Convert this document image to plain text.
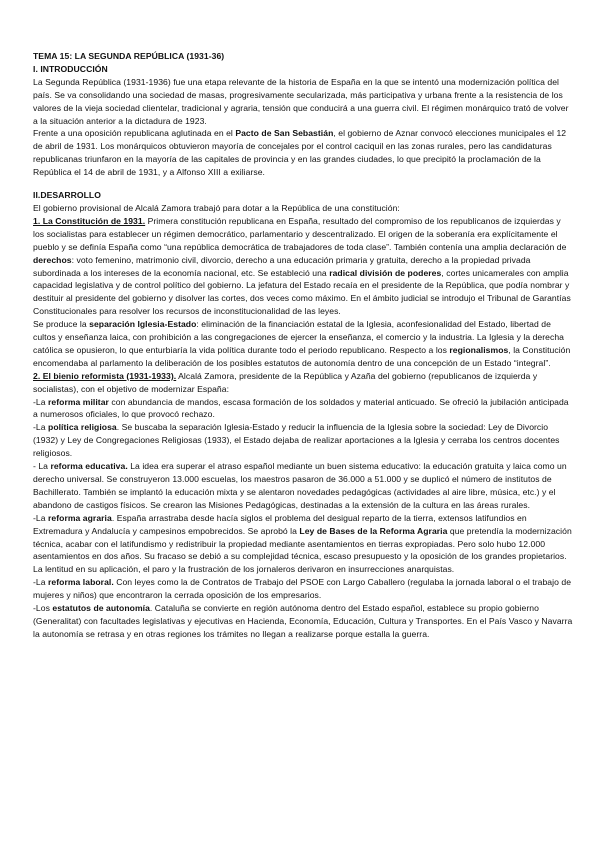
TEMA 15: LA SEGUNDA REPÚBLICA (1931-36)
I. INTRODUCCIÓN

La Segunda República (1931-1936) fue una etapa relevante de la historia de España en la que se intentó una modernización política del país. Se va consolidando una sociedad de masas, progresivamente secularizada, más participativa y urbana frente a la resistencia de los valores de la vieja sociedad clientelar, tradicional y agraria, tensión que conducirá a una guerra civil. El régimen monárquico trató de volver a la situación anterior a la dictadura de 1923.

Frente a una oposición republicana aglutinada en el Pacto de San Sebastián, el gobierno de Aznar convocó elecciones municipales el 12 de abril de 1931. Los monárquicos obtuvieron mayoría de concejales por el control caciquil en las zonas rurales, pero las candidaturas republicanas triunfaron en la mayoría de las capitales de provincia y en las grandes ciudades, lo que precipitó la proclamación de la República el 14 de abril de 1931, y a Alfonso XIII a exiliarse.

II.DESARROLLO

El gobierno provisional de Alcalá Zamora trabajó para dotar a la República de una constitución:

1. La Constitución de 1931. Primera constitución republicana en España, resultado del compromiso de los republicanos de izquierdas y los socialistas para establecer un régimen democrático, parlamentario y descentralizado. El origen de la soberanía era explícitamente el pueblo y se definía España como “una república democrática de trabajadores de toda clase”. También contenía una amplia declaración de derechos: voto femenino, matrimonio civil, divorcio, derecho a una educación primaria y gratuita, derecho a la propiedad privada subordinada a los intereses de la economía nacional, etc. Se estableció una radical división de poderes, cortes unicamerales con amplia capacidad legislativa y de control político del gobierno. La jefatura del Estado recaía en el presidente de la República, que podía nombrar y destituir al presidente del gobierno y disolver las cortes, dos veces como máximo. En el ámbito judicial se introdujo el Tribunal de Garantías Constitucionales para resolver los recursos de inconstitucionalidad de las leyes.

Se produce la separación Iglesia-Estado: eliminación de la financiación estatal de la Iglesia, aconfesionalidad del Estado, libertad de cultos y enseñanza laica, con prohibición a las congregaciones de ejercer la enseñanza, el comercio y la industria. La Iglesia y la derecha católica se opusieron, lo que enturbiaría la vida política durante todo el periodo republicano. Respecto a los regionalismos, la Constitución encomendaba al parlamento la deliberación de los posibles estatutos de autonomía dentro de una concepción de un Estado “integral”.

2. El bienio reformista (1931-1933). Alcalá Zamora, presidente de la República y Azaña del gobierno (republicanos de izquierda y socialistas), con el objetivo de modernizar España:

-La reforma militar con abundancia de mandos, escasa formación de los soldados y material anticuado. Se ofreció la jubilación anticipada a numerosos oficiales, lo que provocó rechazo.

-La política religiosa. Se buscaba la separación Iglesia-Estado y reducir la influencia de la Iglesia sobre la sociedad: Ley de Divorcio (1932) y Ley de Congregaciones Religiosas (1933), el Estado dejaba de realizar aportaciones a la Iglesia y cerraba los centros docentes religiosos.

- La reforma educativa. La idea era superar el atraso español mediante un buen sistema educativo: la educación gratuita y laica como un derecho universal. Se construyeron 13.000 escuelas, los maestros pasaron de 36.000 a 51.000 y se duplicó el número de institutos de Bachillerato. También se implantó la educación mixta y se alentaron novedades pedagógicas (actividades al aire libre, música, etc.) y el abandono de castigos físicos. Se crearon las Misiones Pedagógicas, destinadas a la extensión de la cultura en las áreas rurales.

-La reforma agraria. España arrastraba desde hacía siglos el problema del desigual reparto de la tierra, extensos latifundios en Extremadura y Andalucía y campesinos empobrecidos. Se aprobó la Ley de Bases de la Reforma Agraria que pretendía la modernización técnica, acabar con el latifundismo y redistribuir la propiedad mediante asentamientos en tierras expropiadas. Pero solo hubo 12.000 asentamientos en dos años. Su fracaso se debió a su complejidad técnica, escaso presupuesto y la oposición de los grandes propietarios. La lentitud en su aplicación, el paro y la frustración de los jornaleros derivaron en insurrecciones anarquistas.

-La reforma laboral. Con leyes como la de Contratos de Trabajo del PSOE con Largo Caballero (regulaba la jornada laboral o el trabajo de mujeres y niños) que encontraron la cerrada oposición de los empresarios.

-Los estatutos de autonomía. Cataluña se convierte en región autónoma dentro del Estado español, establece su propio gobierno (Generalitat) con facultades legislativas y ejecutivas en Hacienda, Economía, Educación, Cultura y Transportes. En el País Vasco y Navarra la autonomía se retrasa y en otras regiones los trámites no llegan a realizarse porque estalla la guerra.
